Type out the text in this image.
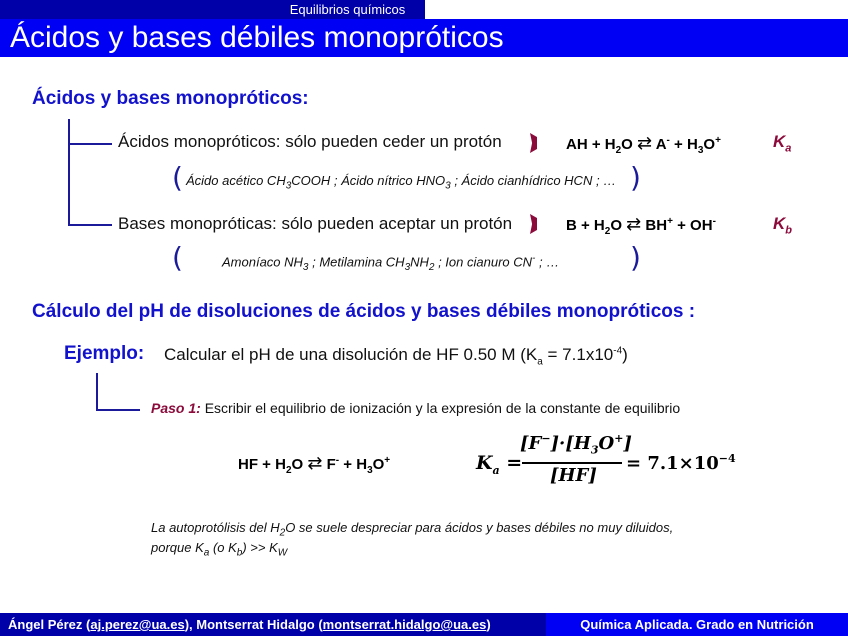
Equilibrios químicos
Ácidos y bases débiles monopróticos
Ácidos y bases monopróticos:
Ácidos monopróticos: sólo pueden ceder un protón	AH + $H_2O$ ⇄ $A^- + H_3O^+$	$K_a$
(	)
Ácido acético $CH_3COOH$ ; Ácido nítrico $HNO_3$ ; Ácido cianhídrico HCN ; …
Bases monopróticas: sólo pueden aceptar un protón	$B + H_2O$ ⇄ BH+ + OH-	$K_b$
(	)
Amoníaco $NH_3$ ; Metilamina $CH_3NH_2$ ; Ion cianuro CN- ; …
Cálculo del pH de disoluciones de ácidos y bases débiles monopróticos :
Ejemplo: Calcular el pH de una disolución de HF 0.50 M $(K_a = 7.1x10^{-4})$
Paso 1: Escribir el equilibrio de ionización y la expresión de la constante de equilibrio
HF + $H_2O$ ⇄ $F^- + H_3O^+$	$K_a$ =
$[F^-]\cdot[H_3O^+]$
[HF]
= $7.1\times 10^{-4}$
La autoprotólisis del $H_2O$ se suele despreciar para ácidos y bases débiles no muy diluidos,
porque $K_a$ (o $K_b) >> K_W$
Ángel Pérez (aj.perez@ua.es), Montserrat Hidalgo (montserrat.hidalgo@ua.es)	Química Aplicada. Grado en Nutrición
